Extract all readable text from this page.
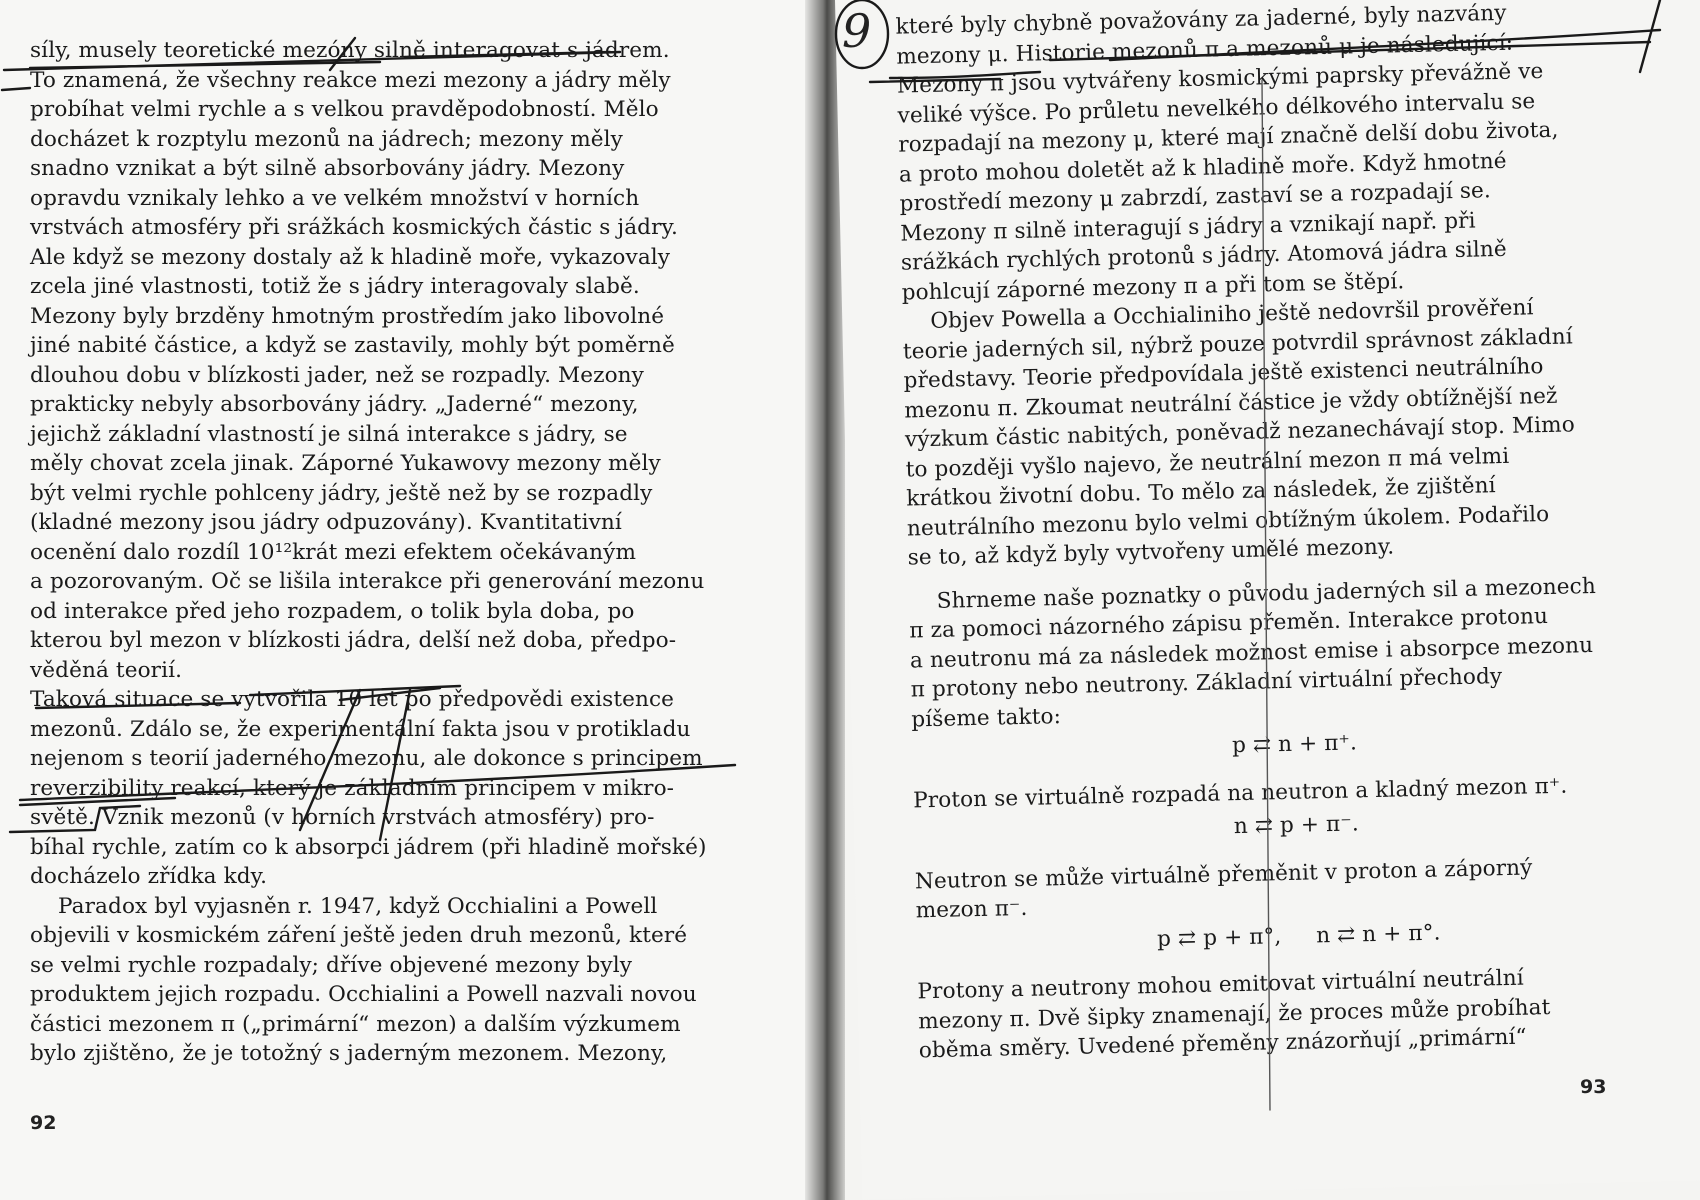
síly, musely teoretické mezóny silně interagovat s jádrem.

To znamená, že všechny reakce mezi mezony a jádry měly

probíhat velmi rychle a s velkou pravděpodobností. Mělo

docházet k rozptylu mezonů na jádrech; mezony měly

snadno vznikat a být silně absorbovány jádry. Mezony

opravdu vznikaly lehko a ve velkém množství v horních

vrstvách atmosféry při srážkách kosmických částic s jádry.

Ale když se mezony dostaly až k hladině moře, vykazovaly

zcela jiné vlastnosti, totiž že s jádry interagovaly slabě.

Mezony byly brzděny hmotným prostředím jako libovolné

jiné nabité částice, a když se zastavily, mohly být poměrně

dlouhou dobu v blízkosti jader, než se rozpadly. Mezony

prakticky nebyly absorbovány jádry. „Jaderné“ mezony,

jejichž základní vlastností je silná interakce s jádry, se

měly chovat zcela jinak. Záporné Yukawovy mezony měly

být velmi rychle pohlceny jádry, ještě než by se rozpadly

(kladné mezony jsou jádry odpuzovány). Kvantitativní

ocenění dalo rozdíl 10¹²krát mezi efektem očekávaným

a pozorovaným. Oč se lišila interakce při generování mezonu

od interakce před jeho rozpadem, o tolik byla doba, po

kterou byl mezon v blízkosti jádra, delší než doba, předpo-

věděná teorií.

Taková situace se vytvořila 10 let po předpovědi existence

mezonů. Zdálo se, že experimentální fakta jsou v protikladu

nejenom s teorií jaderného mezonu, ale dokonce s principem

reverzibility reakcí, který je základním principem v mikro-

světě. Vznik mezonů (v horních vrstvách atmosféry) pro-

bíhal rychle, zatím co k absorpci jádrem (při hladině mořské)

docházelo zřídka kdy.

Paradox byl vyjasněn r. 1947, když Occhialini a Powell

objevili v kosmickém záření ještě jeden druh mezonů, které

se velmi rychle rozpadaly; dříve objevené mezony byly

produktem jejich rozpadu. Occhialini a Powell nazvali novou

částici mezonem π („primární“ mezon) a dalším výzkumem

bylo zjištěno, že je totožný s jaderným mezonem. Mezony,

92

které byly chybně považovány za jaderné, byly nazvány

mezony μ. Historie mezonů π a mezonů μ je následující:

Mezony π jsou vytvářeny kosmickými paprsky převážně ve

veliké výšce. Po průletu nevelkého délkového intervalu se

rozpadají na mezony μ, které mají značně delší dobu života,

a proto mohou doletět až k hladině moře. Když hmotné

prostředí mezony μ zabrzdí, zastaví se a rozpadají se.

Mezony π silně interagují s jádry a vznikají např. při

srážkách rychlých protonů s jádry. Atomová jádra silně

pohlcují záporné mezony π a při tom se štěpí.

Objev Powella a Occhialiniho ještě nedovršil prověření

teorie jaderných sil, nýbrž pouze potvrdil správnost základní

představy. Teorie předpovídala ještě existenci neutrálního

mezonu π. Zkoumat neutrální částice je vždy obtížnější než

výzkum částic nabitých, poněvadž nezanechávají stop. Mimo

to později vyšlo najevo, že neutrální mezon π má velmi

krátkou životní dobu. To mělo za následek, že zjištění

neutrálního mezonu bylo velmi obtížným úkolem. Podařilo

se to, až když byly vytvořeny umělé mezony.

Shrneme naše poznatky o původu jaderných sil a mezonech

π za pomoci názorného zápisu přeměn. Interakce protonu

a neutronu má za následek možnost emise i absorpce mezonu

π protony nebo neutrony. Základní virtuální přechody

píšeme takto:

p ⇄ n + π⁺.

Proton se virtuálně rozpadá na neutron a kladný mezon π⁺.

n ⇄ p + π⁻.

Neutron se může virtuálně přeměnit v proton a záporný

mezon π⁻.

p ⇄ p + π°,     n ⇄ n + π°.

Protony a neutrony mohou emitovat virtuální neutrální

mezony π. Dvě šipky znamenají, že proces může probíhat

oběma směry. Uvedené přeměny znázorňují „primární“

93
9
